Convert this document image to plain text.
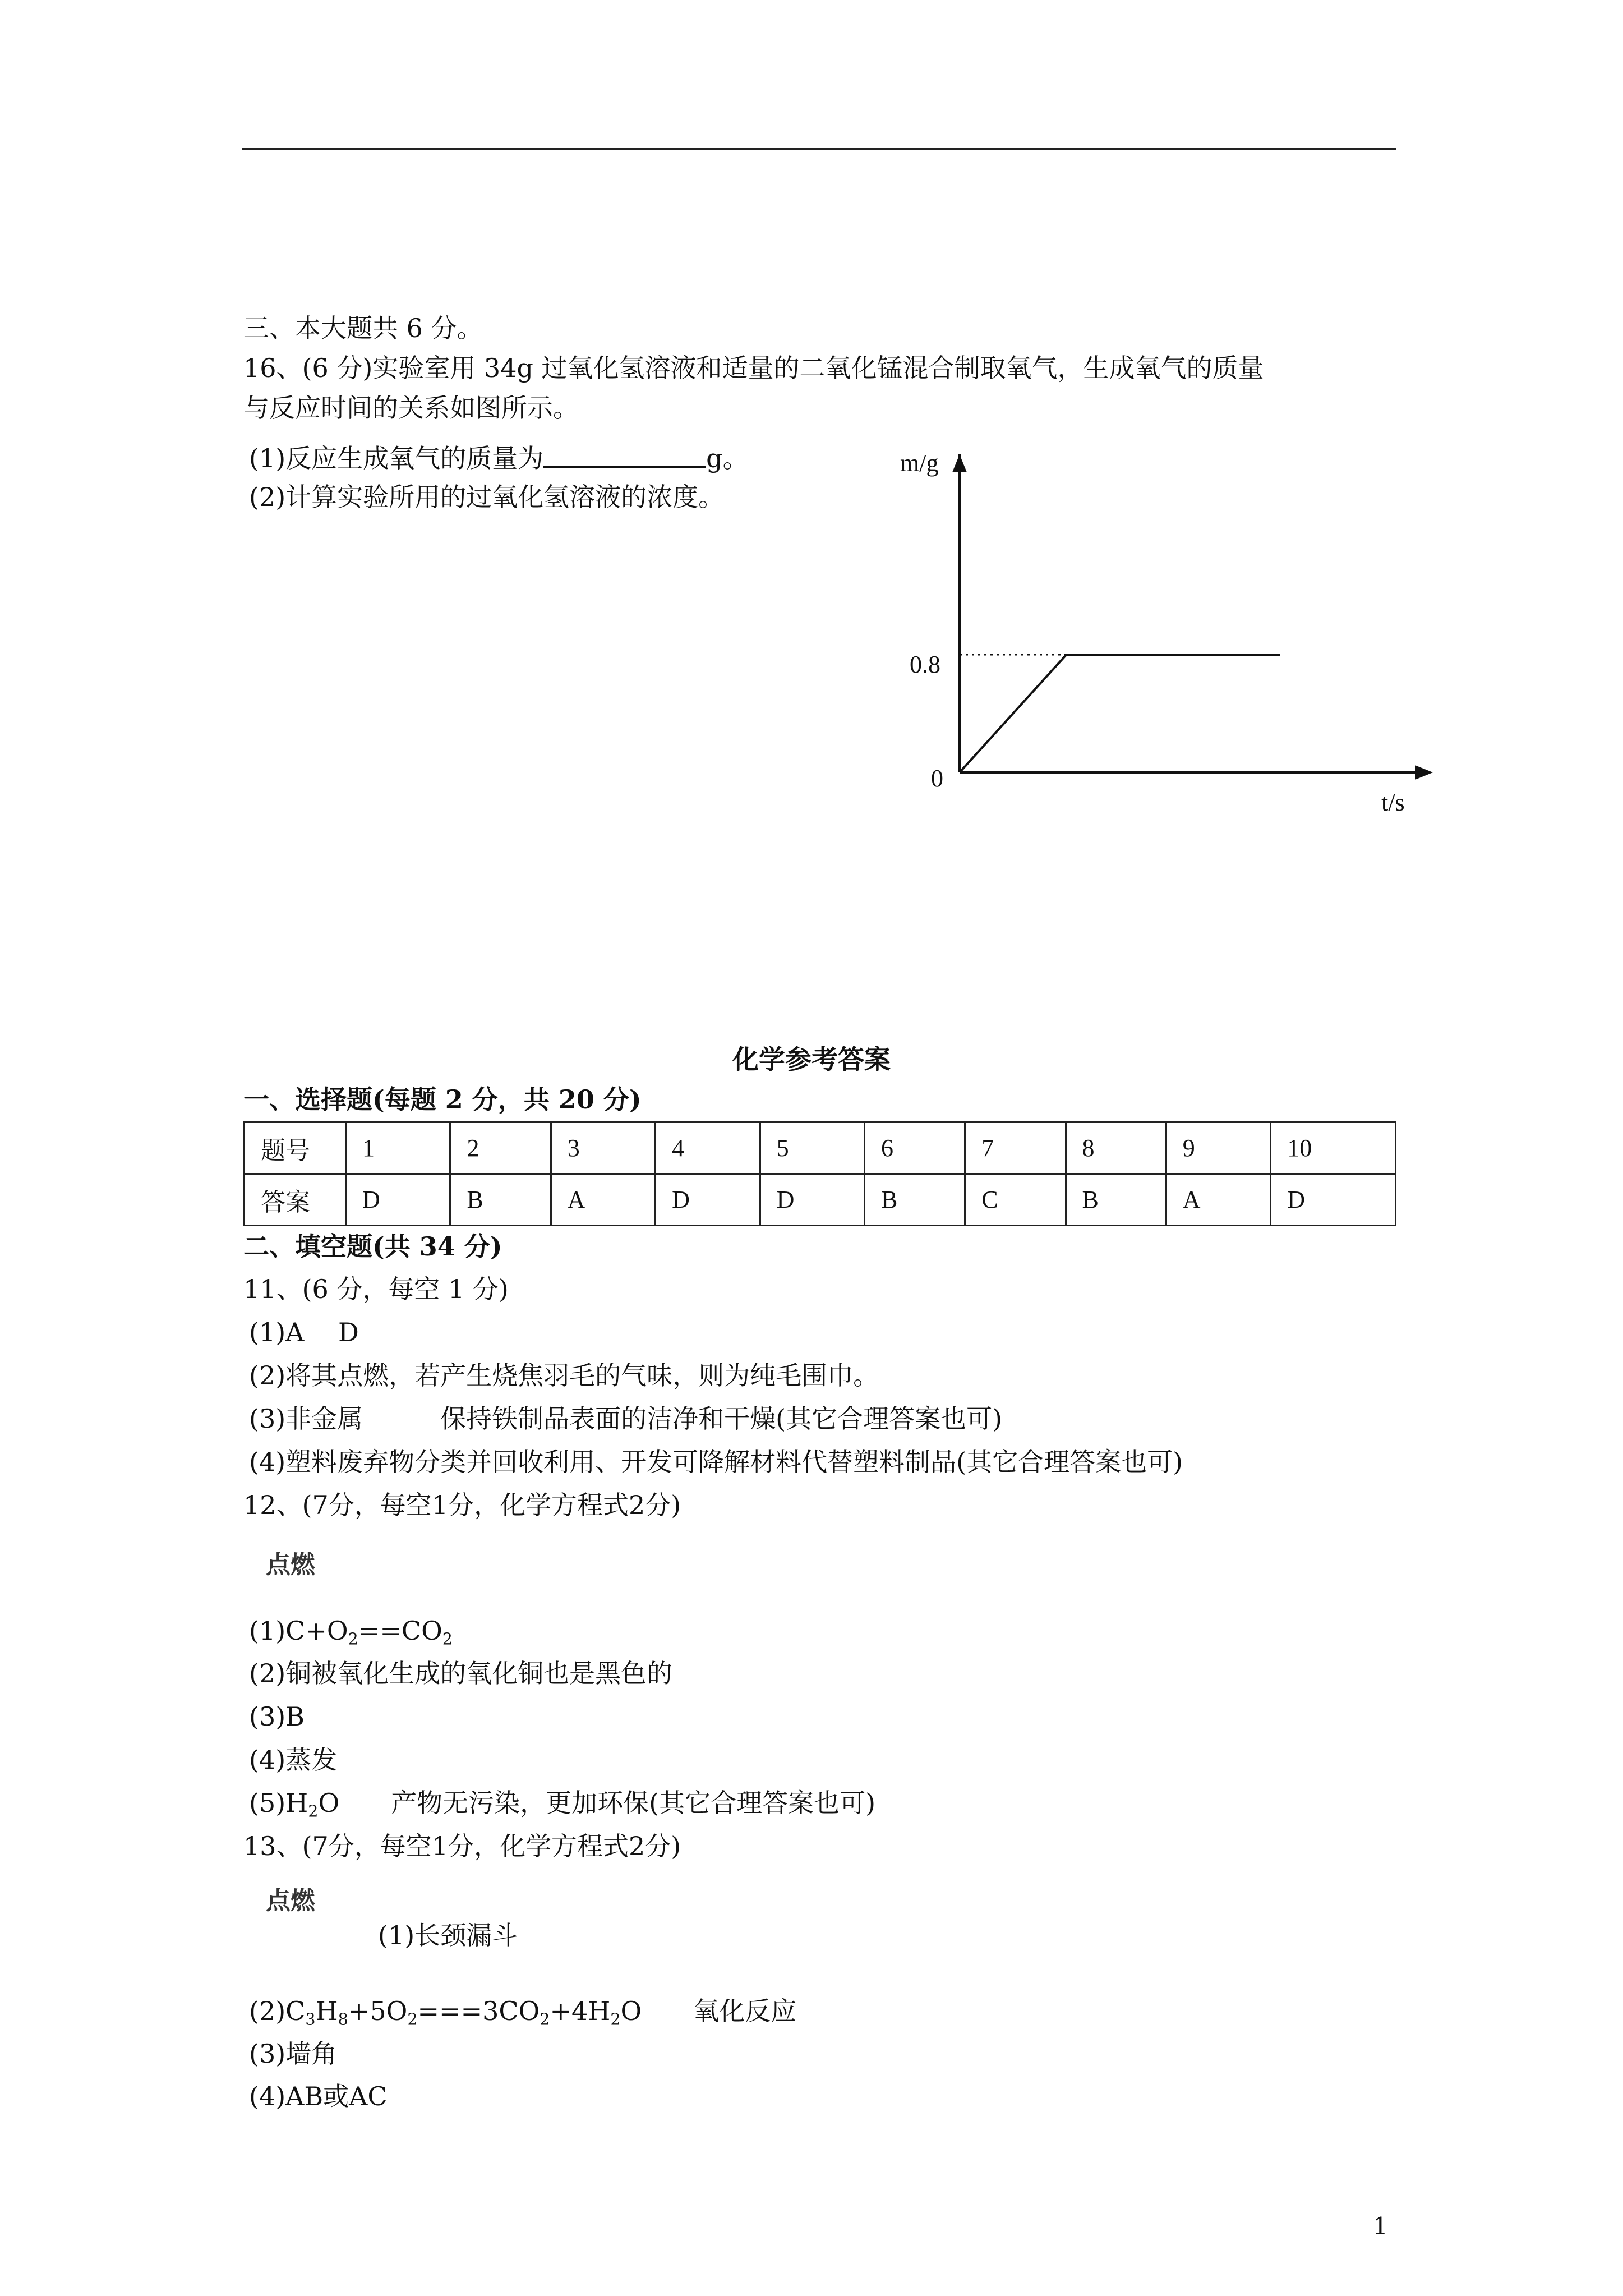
三、本大题共 6 分。
16、(6 分)实验室用 34g 过氧化氢溶液和适量的二氧化锰混合制取氧气，生成氧气的质量
与反应时间的关系如图所示。
(1)反应生成氧气的质量为	g。
(2)计算实验所用的过氧化氢溶液的浓度。
m/g
t/s
0
0.8
化学参考答案
一、选择题(每题 2 分，共 20 分)
题号	1	2	3	4	5	6	7	8	9	10
答案	D	B	A	D	D	B	C	B	A	D
二、填空题(共 34 分)
11、(6 分，每空 1 分)
(1)A　 D
(2)将其点燃，若产生烧焦羽毛的气味，则为纯毛围巾。
(3)非金属　　　保持铁制品表面的洁净和干燥(其它合理答案也可)
(4)塑料废弃物分类并回收利用、开发可降解材料代替塑料制品(其它合理答案也可)
12、(7分，每空1分，化学方程式2分)
点燃
$(1)C+O_2==CO_2$
(2)铜被氧化生成的氧化铜也是黑色的
(3)B
(4)蒸发
$(5)H_2O$　　产物无污染，更加环保(其它合理答案也可)
13、(7分，每空1分，化学方程式2分)
点燃
(1)长颈漏斗
$(2)C_3H_8+5O_2===3CO_2+4H_2O$　　氧化反应
(3)墙角
(4)AB或AC
1
